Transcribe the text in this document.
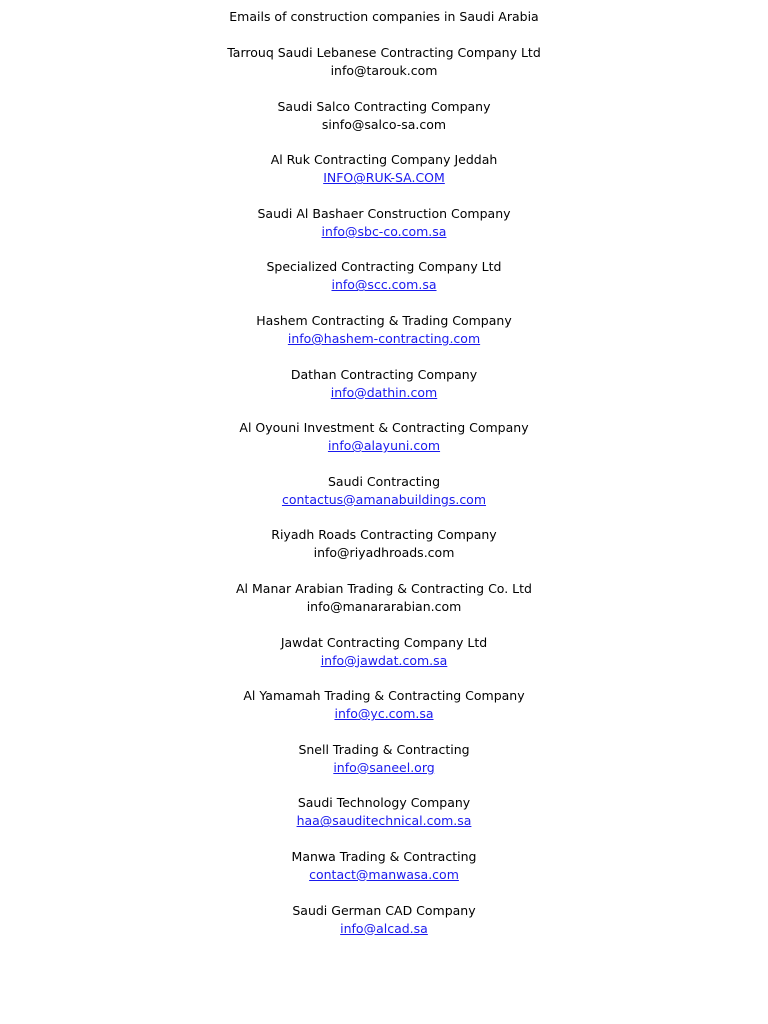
Emails of construction companies in Saudi Arabia
Tarrouq Saudi Lebanese Contracting Company Ltd
info@tarouk.com
Saudi Salco Contracting Company
sinfo@salco-sa.com
Al Ruk Contracting Company Jeddah
INFO@RUK-SA.COM
Saudi Al Bashaer Construction Company
info@sbc-co.com.sa
Specialized Contracting Company Ltd
info@scc.com.sa
Hashem Contracting & Trading Company
info@hashem-contracting.com
Dathan Contracting Company
info@dathin.com
Al Oyouni Investment & Contracting Company
info@alayuni.com
Saudi Contracting
contactus@amanabuildings.com
Riyadh Roads Contracting Company
info@riyadhroads.com
Al Manar Arabian Trading & Contracting Co. Ltd
info@manararabian.com
Jawdat Contracting Company Ltd
info@jawdat.com.sa
Al Yamamah Trading & Contracting Company
info@yc.com.sa
Snell Trading & Contracting
info@saneel.org
Saudi Technology Company
haa@sauditechnical.com.sa
Manwa Trading & Contracting
contact@manwasa.com
Saudi German CAD Company
info@alcad.sa
